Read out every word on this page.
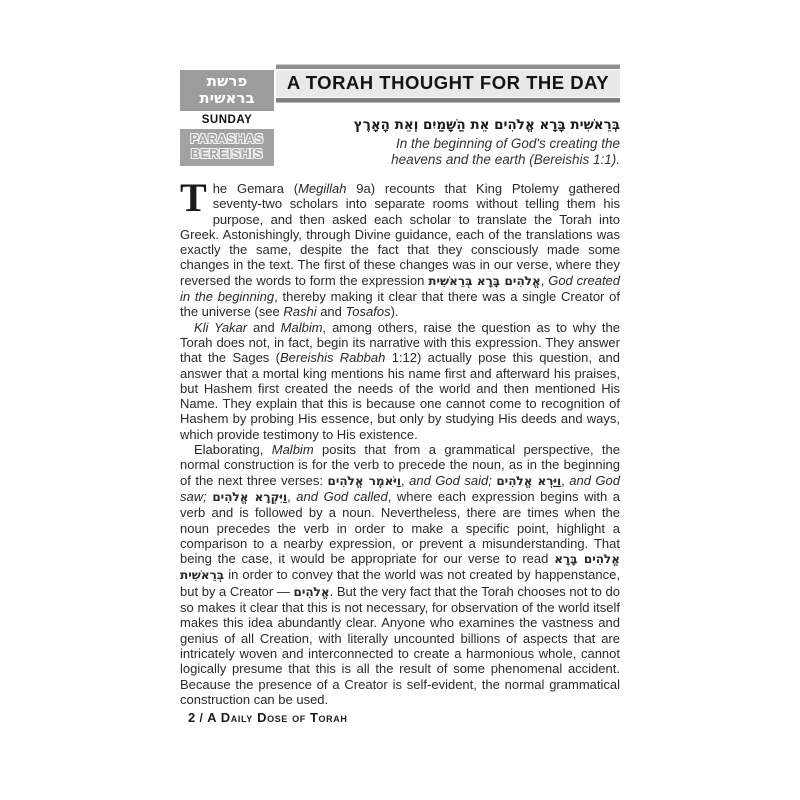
פרשת
בראשית
SUNDAY
PARASHAS
BEREISHIS
A TORAH THOUGHT FOR THE DAY
בְּרֵאשִׁית בָּרָא אֱלֹהִים אֵת הַשָּׁמַיִם וְאֵת הָאָרֶץ
In the beginning of God's creating the heavens and the earth (Bereishis 1:1).

The Gemara (Megillah 9a) recounts that King Ptolemy gathered seventy-two scholars into separate rooms without telling them his purpose, and then asked each scholar to translate the Torah into Greek. Astonishingly, through Divine guidance, each of the translations was exactly the same, despite the fact that they consciously made some changes in the text. The first of these changes was in our verse, where they reversed the words to form the expression אֱלֹהִים בָּרָא בְּרֵאשִׁית, God created in the beginning, thereby making it clear that there was a single Creator of the universe (see Rashi and Tosafos).

Kli Yakar and Malbim, among others, raise the question as to why the Torah does not, in fact, begin its narrative with this expression. They answer that the Sages (Bereishis Rabbah 1:12) actually pose this question, and answer that a mortal king mentions his name first and afterward his praises, but Hashem first created the needs of the world and then mentioned His Name. They explain that this is because one cannot come to recognition of Hashem by probing His essence, but only by studying His deeds and ways, which provide testimony to His existence.

Elaborating, Malbim posits that from a grammatical perspective, the normal construction is for the verb to precede the noun, as in the beginning of the next three verses: וַיֹּאמֶר אֱלֹהִים, and God said; וַיַּרְא אֱלֹהִים, and God saw; וַיִּקְרָא אֱלֹהִים, and God called, where each expression begins with a verb and is followed by a noun. Nevertheless, there are times when the noun precedes the verb in order to make a specific point, highlight a comparison to a nearby expression, or prevent a misunderstanding. That being the case, it would be appropriate for our verse to read אֱלֹהִים בָּרָא בְּרֵאשִׁית in order to convey that the world was not created by happenstance, but by a Creator — אֱלֹהִים. But the very fact that the Torah chooses not to do so makes it clear that this is not necessary, for observation of the world itself makes this idea abundantly clear. Anyone who examines the vastness and genius of all Creation, with literally uncounted billions of aspects that are intricately woven and interconnected to create a harmonious whole, cannot logically presume that this is all the result of some phenomenal accident. Because the presence of a Creator is self-evident, the normal grammatical construction can be used.

2 / A Daily Dose of Torah
